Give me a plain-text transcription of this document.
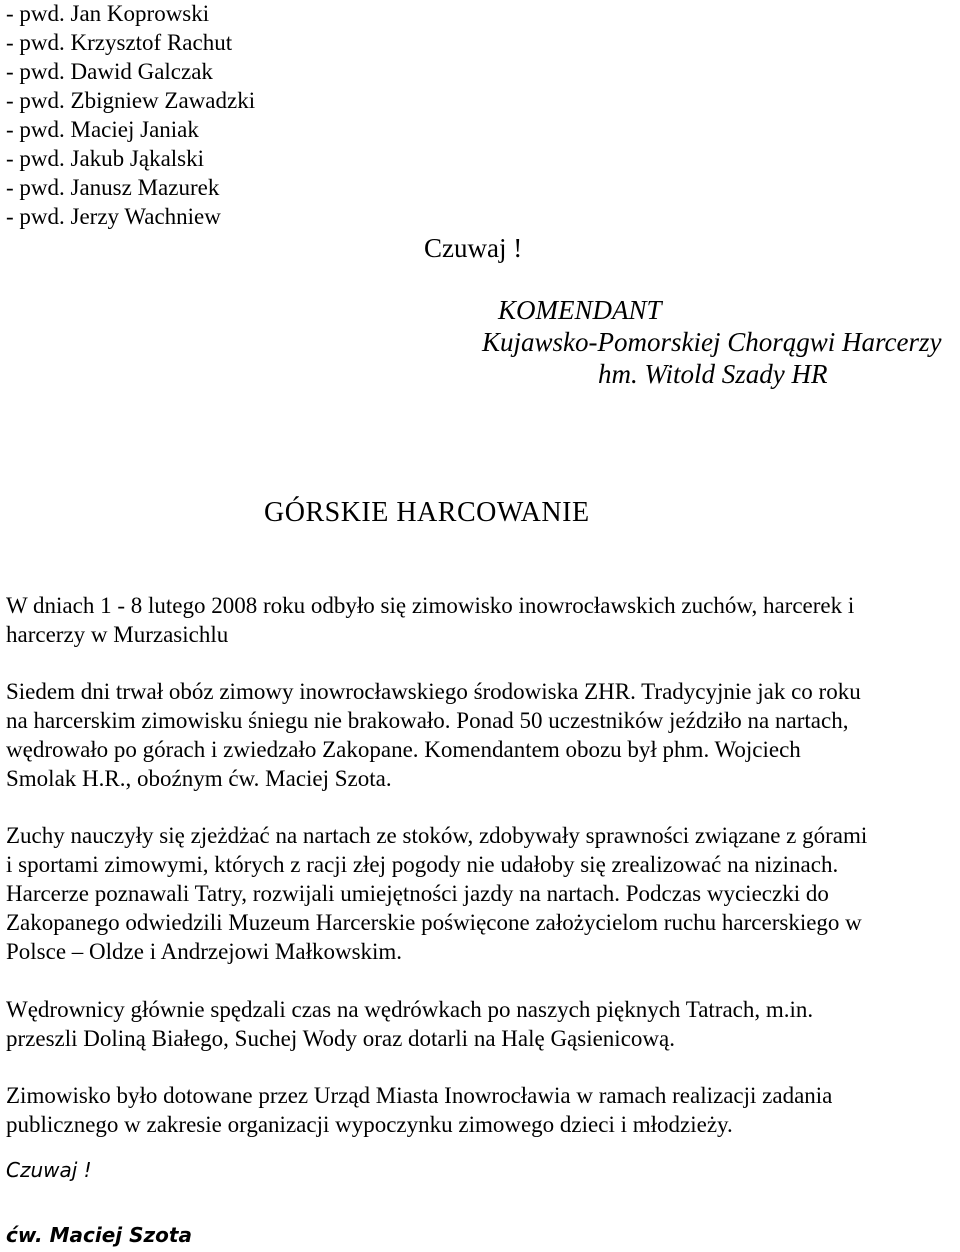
- pwd. Jan Koprowski
- pwd. Krzysztof Rachut
- pwd. Dawid Galczak
- pwd. Zbigniew Zawadzki
- pwd. Maciej Janiak
- pwd. Jakub Jąkalski
- pwd. Janusz Mazurek
- pwd. Jerzy Wachniew
Czuwaj !
KOMENDANT
Kujawsko-Pomorskiej Chorągwi Harcerzy
hm. Witold Szady HR
GÓRSKIE HARCOWANIE
W dniach 1 - 8 lutego 2008 roku odbyło się zimowisko inowrocławskich zuchów, harcerek i
harcerzy w Murzasichlu
Siedem dni trwał obóz zimowy inowrocławskiego środowiska ZHR. Tradycyjnie jak co roku
na harcerskim zimowisku śniegu nie brakowało. Ponad 50 uczestników jeździło na nartach,
wędrowało po górach i zwiedzało Zakopane. Komendantem obozu był phm. Wojciech
Smolak H.R., oboźnym ćw. Maciej Szota.
Zuchy nauczyły się zjeżdżać na nartach ze stoków, zdobywały sprawności związane z górami
i sportami zimowymi, których z racji złej pogody nie udałoby się zrealizować na nizinach.
Harcerze poznawali Tatry, rozwijali umiejętności jazdy na nartach. Podczas wycieczki do
Zakopanego odwiedzili Muzeum Harcerskie poświęcone założycielom ruchu harcerskiego w
Polsce – Oldze i Andrzejowi Małkowskim.
Wędrownicy głównie spędzali czas na wędrówkach po naszych pięknych Tatrach, m.in.
przeszli Doliną Białego, Suchej Wody oraz dotarli na Halę Gąsienicową.
Zimowisko było dotowane przez Urząd Miasta Inowrocławia w ramach realizacji zadania
publicznego w zakresie organizacji wypoczynku zimowego dzieci i młodzieży.
Czuwaj !
ćw. Maciej Szota
